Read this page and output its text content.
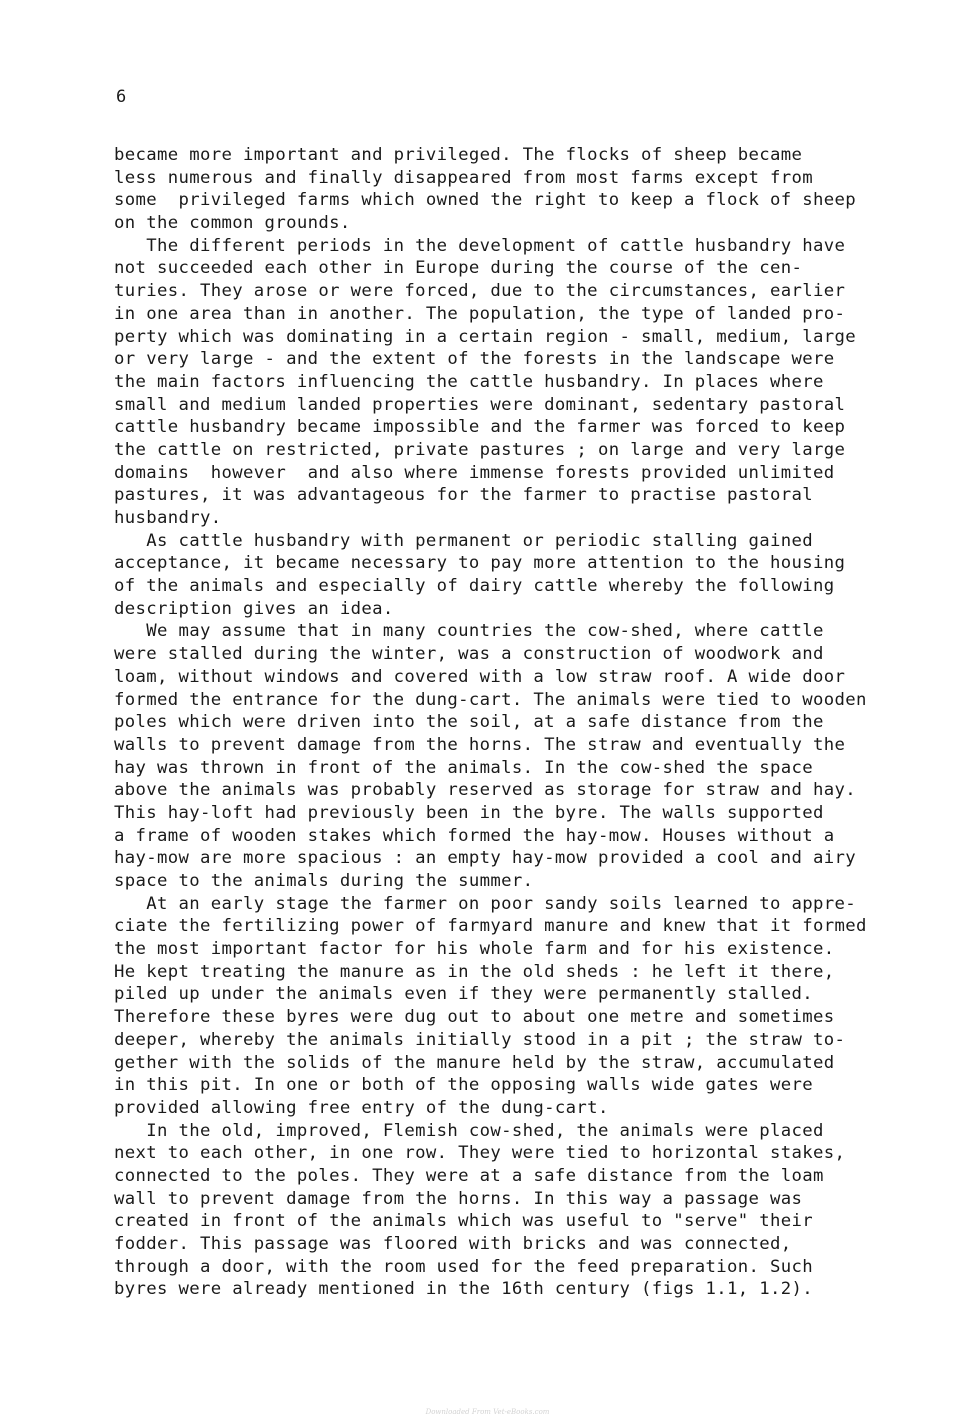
6
became more important and privileged. The flocks of sheep became
less numerous and finally disappeared from most farms except from
some  privileged farms which owned the right to keep a flock of sheep
on the common grounds.
The different periods in the development of cattle husbandry have
not succeeded each other in Europe during the course of the cen-
turies. They arose or were forced, due to the circumstances, earlier
in one area than in another. The population, the type of landed pro-
perty which was dominating in a certain region - small, medium, large
or very large - and the extent of the forests in the landscape were
the main factors influencing the cattle husbandry. In places where
small and medium landed properties were dominant, sedentary pastoral
cattle husbandry became impossible and the farmer was forced to keep
the cattle on restricted, private pastures ; on large and very large
domains  however  and also where immense forests provided unlimited
pastures, it was advantageous for the farmer to practise pastoral
husbandry.
As cattle husbandry with permanent or periodic stalling gained
acceptance, it became necessary to pay more attention to the housing
of the animals and especially of dairy cattle whereby the following
description gives an idea.
We may assume that in many countries the cow-shed, where cattle
were stalled during the winter, was a construction of woodwork and
loam, without windows and covered with a low straw roof. A wide door
formed the entrance for the dung-cart. The animals were tied to wooden
poles which were driven into the soil, at a safe distance from the
walls to prevent damage from the horns. The straw and eventually the
hay was thrown in front of the animals. In the cow-shed the space
above the animals was probably reserved as storage for straw and hay.
This hay-loft had previously been in the byre. The walls supported
a frame of wooden stakes which formed the hay-mow. Houses without a
hay-mow are more spacious : an empty hay-mow provided a cool and airy
space to the animals during the summer.
At an early stage the farmer on poor sandy soils learned to appre-
ciate the fertilizing power of farmyard manure and knew that it formed
the most important factor for his whole farm and for his existence.
He kept treating the manure as in the old sheds : he left it there,
piled up under the animals even if they were permanently stalled.
Therefore these byres were dug out to about one metre and sometimes
deeper, whereby the animals initially stood in a pit ; the straw to-
gether with the solids of the manure held by the straw, accumulated
in this pit. In one or both of the opposing walls wide gates were
provided allowing free entry of the dung-cart.
In the old, improved, Flemish cow-shed, the animals were placed
next to each other, in one row. They were tied to horizontal stakes,
connected to the poles. They were at a safe distance from the loam
wall to prevent damage from the horns. In this way a passage was
created in front of the animals which was useful to "serve" their
fodder. This passage was floored with bricks and was connected,
through a door, with the room used for the feed preparation. Such
byres were already mentioned in the 16th century (figs 1.1, 1.2).
Downloaded From Vet-eBooks.com
